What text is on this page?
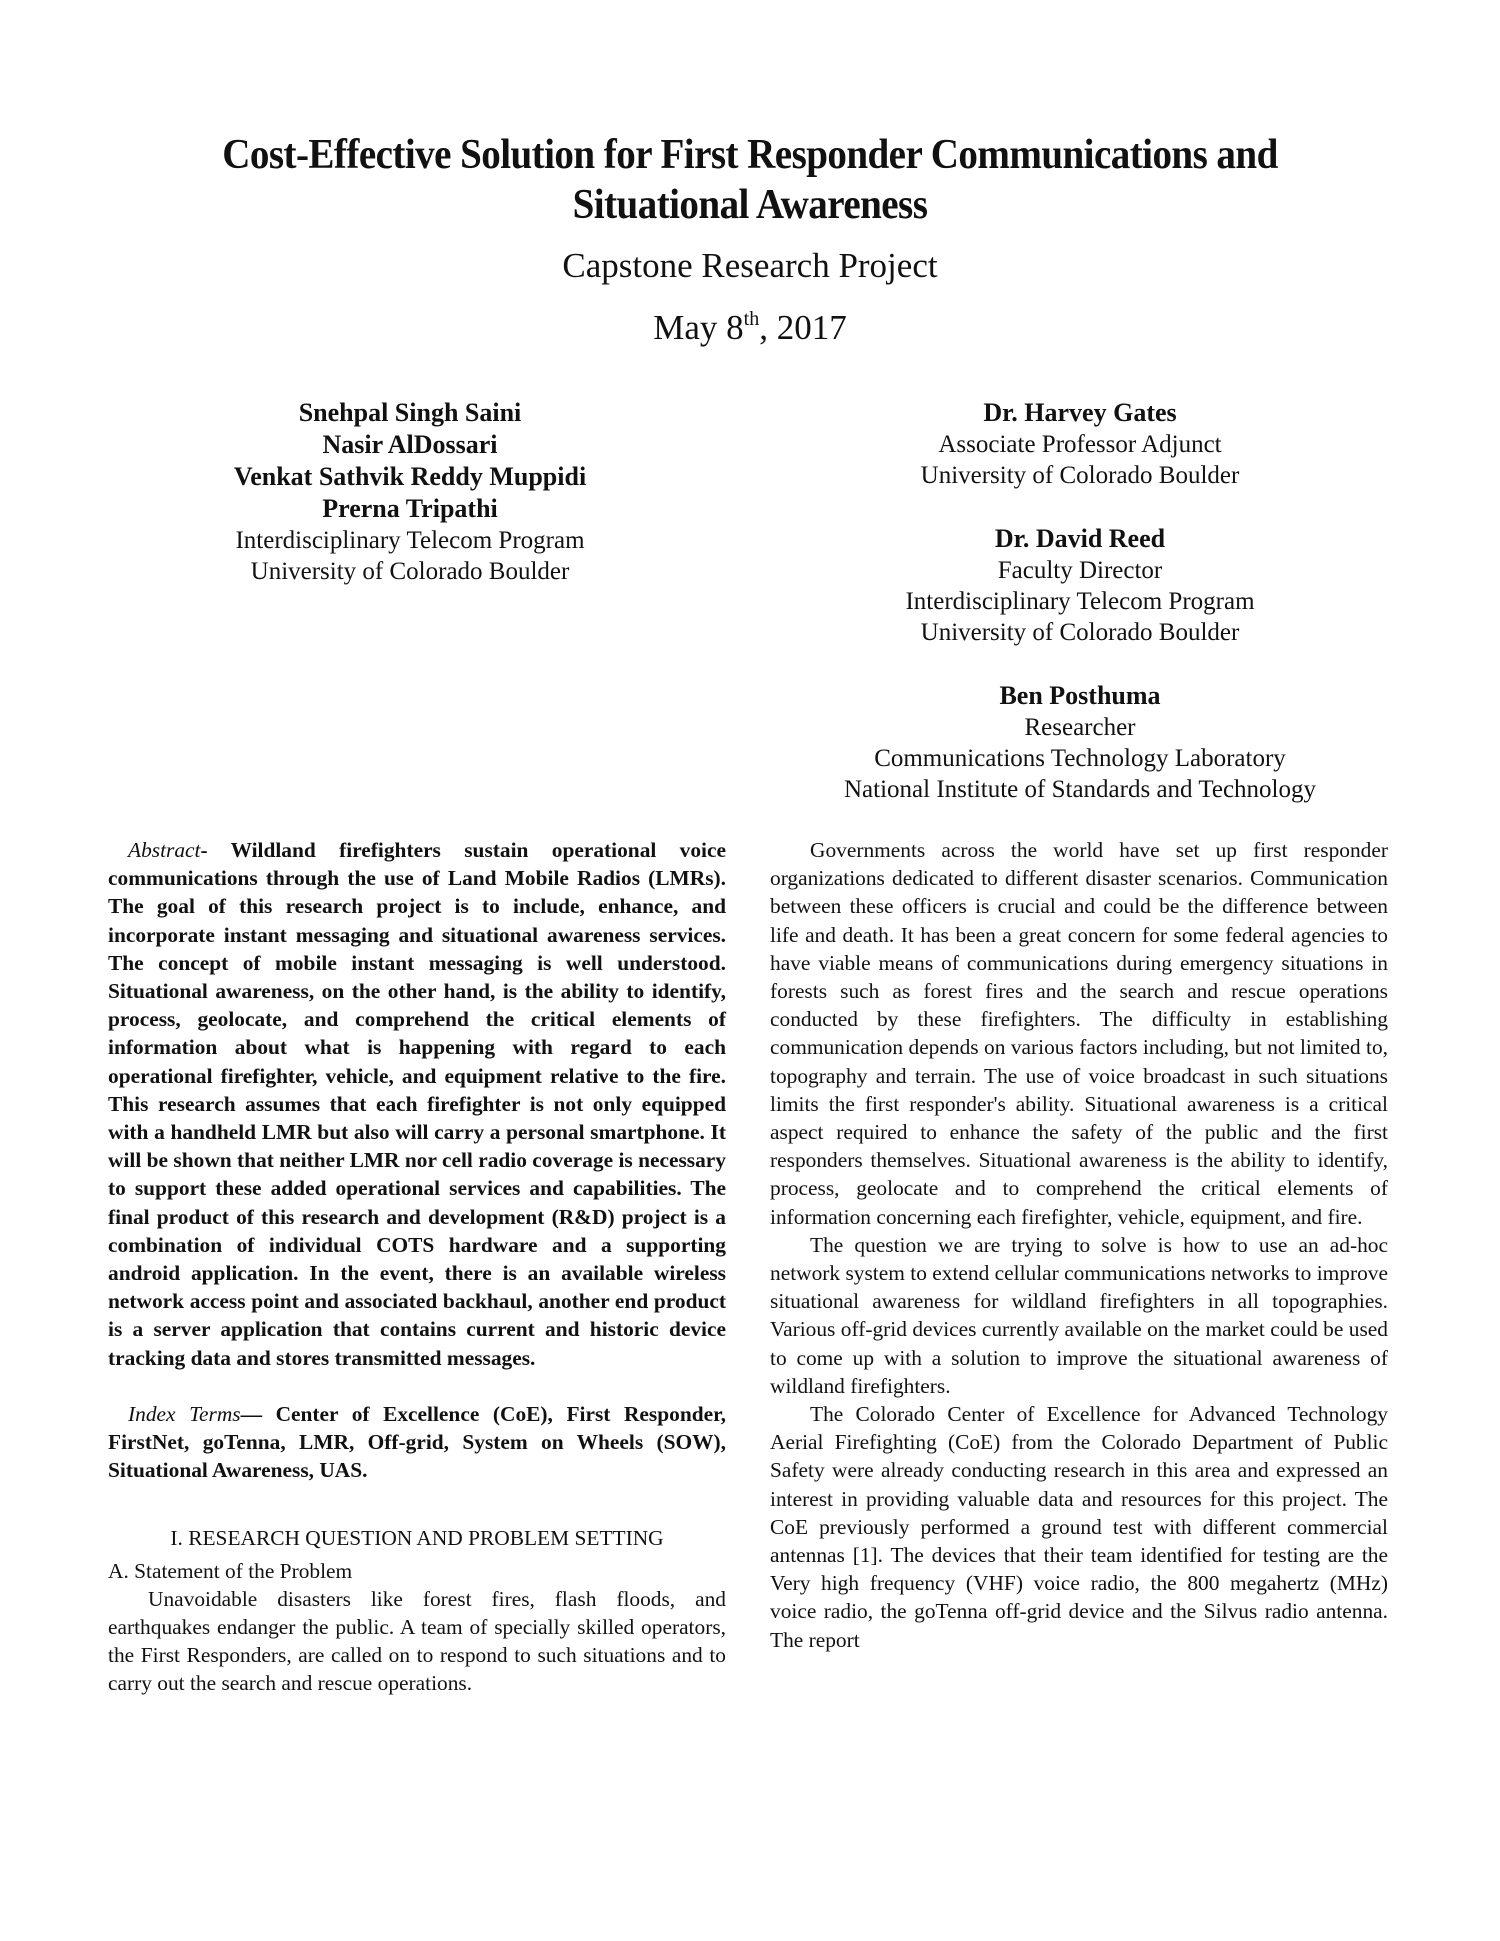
Cost-Effective Solution for First Responder Communications and Situational Awareness
Capstone Research Project
May 8th, 2017
Snehpal Singh Saini
Nasir AlDossari
Venkat Sathvik Reddy Muppidi
Prerna Tripathi
Interdisciplinary Telecom Program
University of Colorado Boulder
Dr. Harvey Gates
Associate Professor Adjunct
University of Colorado Boulder
Dr. David Reed
Faculty Director
Interdisciplinary Telecom Program
University of Colorado Boulder
Ben Posthuma
Researcher
Communications Technology Laboratory
National Institute of Standards and Technology

Abstract- Wildland firefighters sustain operational voice communications through the use of Land Mobile Radios (LMRs). The goal of this research project is to include, enhance, and incorporate instant messaging and situational awareness services. The concept of mobile instant messaging is well understood. Situational awareness, on the other hand, is the ability to identify, process, geolocate, and comprehend the critical elements of information about what is happening with regard to each operational firefighter, vehicle, and equipment relative to the fire. This research assumes that each firefighter is not only equipped with a handheld LMR but also will carry a personal smartphone. It will be shown that neither LMR nor cell radio coverage is necessary to support these added operational services and capabilities. The final product of this research and development (R&D) project is a combination of individual COTS hardware and a supporting android application. In the event, there is an available wireless network access point and associated backhaul, another end product is a server application that contains current and historic device tracking data and stores transmitted messages.

Index Terms— Center of Excellence (CoE), First Responder, FirstNet, goTenna, LMR, Off-grid, System on Wheels (SOW), Situational Awareness, UAS.

I. RESEARCH QUESTION AND PROBLEM SETTING
A. Statement of the Problem

Unavoidable disasters like forest fires, flash floods, and earthquakes endanger the public. A team of specially skilled operators, the First Responders, are called on to respond to such situations and to carry out the search and rescue operations.

Governments across the world have set up first responder organizations dedicated to different disaster scenarios. Communication between these officers is crucial and could be the difference between life and death. It has been a great concern for some federal agencies to have viable means of communications during emergency situations in forests such as forest fires and the search and rescue operations conducted by these firefighters. The difficulty in establishing communication depends on various factors including, but not limited to, topography and terrain. The use of voice broadcast in such situations limits the first responder's ability. Situational awareness is a critical aspect required to enhance the safety of the public and the first responders themselves. Situational awareness is the ability to identify, process, geolocate and to comprehend the critical elements of information concerning each firefighter, vehicle, equipment, and fire.

The question we are trying to solve is how to use an ad-hoc network system to extend cellular communications networks to improve situational awareness for wildland firefighters in all topographies. Various off-grid devices currently available on the market could be used to come up with a solution to improve the situational awareness of wildland firefighters.

The Colorado Center of Excellence for Advanced Technology Aerial Firefighting (CoE) from the Colorado Department of Public Safety were already conducting research in this area and expressed an interest in providing valuable data and resources for this project. The CoE previously performed a ground test with different commercial antennas [1]. The devices that their team identified for testing are the Very high frequency (VHF) voice radio, the 800 megahertz (MHz) voice radio, the goTenna off-grid device and the Silvus radio antenna. The report
